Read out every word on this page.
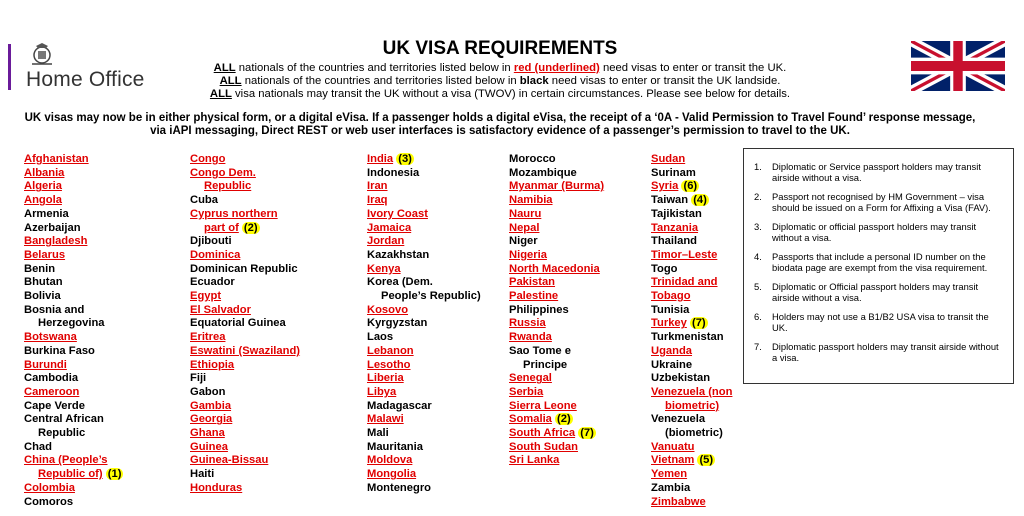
Home Office
UK VISA REQUIREMENTS
ALL nationals of the countries and territories listed below in red (underlined) need visas to enter or transit the UK.
ALL nationals of the countries and territories listed below in black need visas to enter or transit the UK landside.
ALL visa nationals may transit the UK without a visa (TWOV) in certain circumstances. Please see below for details.
UK visas may now be in either physical form, or a digital eVisa. If a passenger holds a digital eVisa, the receipt of a ‘0A - Valid Permission to Travel Found’ response message,
via iAPI messaging, Direct REST or web user interfaces is satisfactory evidence of a passenger’s permission to travel to the UK.
Afghanistan
Albania
Algeria
Angola
Armenia
Azerbaijan
Bangladesh
Belarus
Benin
Bhutan
Bolivia
Bosnia and
Herzegovina
Botswana
Burkina Faso
Burundi
Cambodia
Cameroon
Cape Verde
Central African
Republic
Chad
China (People’s
Republic of) (1)
Colombia
Comoros
Congo
Congo Dem.
Republic
Cuba
Cyprus northern
part of (2)
Djibouti
Dominica
Dominican Republic
Ecuador
Egypt
El Salvador
Equatorial Guinea
Eritrea
Eswatini (Swaziland)
Ethiopia
Fiji
Gabon
Gambia
Georgia
Ghana
Guinea
Guinea-Bissau
Haiti
Honduras
India (3)
Indonesia
Iran
Iraq
Ivory Coast
Jamaica
Jordan
Kazakhstan
Kenya
Korea (Dem.
People’s Republic)
Kosovo
Kyrgyzstan
Laos
Lebanon
Lesotho
Liberia
Libya
Madagascar
Malawi
Mali
Mauritania
Moldova
Mongolia
Montenegro
Morocco
Mozambique
Myanmar (Burma)
Namibia
Nauru
Nepal
Niger
Nigeria
North Macedonia
Pakistan
Palestine
Philippines
Russia
Rwanda
Sao Tome e
Principe
Senegal
Serbia
Sierra Leone
Somalia (2)
South Africa (7)
South Sudan
Sri Lanka
Sudan
Surinam
Syria (6)
Taiwan (4)
Tajikistan
Tanzania
Thailand
Timor–Leste
Togo
Trinidad and
Tobago
Tunisia
Turkey (7)
Turkmenistan
Uganda
Ukraine
Uzbekistan
Venezuela (non
biometric)
Venezuela
(biometric)
Vanuatu
Vietnam (5)
Yemen
Zambia
Zimbabwe
1.	Diplomatic or Service passport holders may transit airside without a visa.
2.	Passport not recognised by HM Government – visa should be issued on a Form for Affixing a Visa (FAV).
3.	Diplomatic or official passport holders may transit without a visa.
4.	Passports that include a personal ID number on the biodata page are exempt from the visa requirement.
5.	Diplomatic or Official passport holders may transit airside without a visa.
6.	Holders may not use a B1/B2 USA visa to transit the UK.
7.	Diplomatic passport holders may transit airside without a visa.
